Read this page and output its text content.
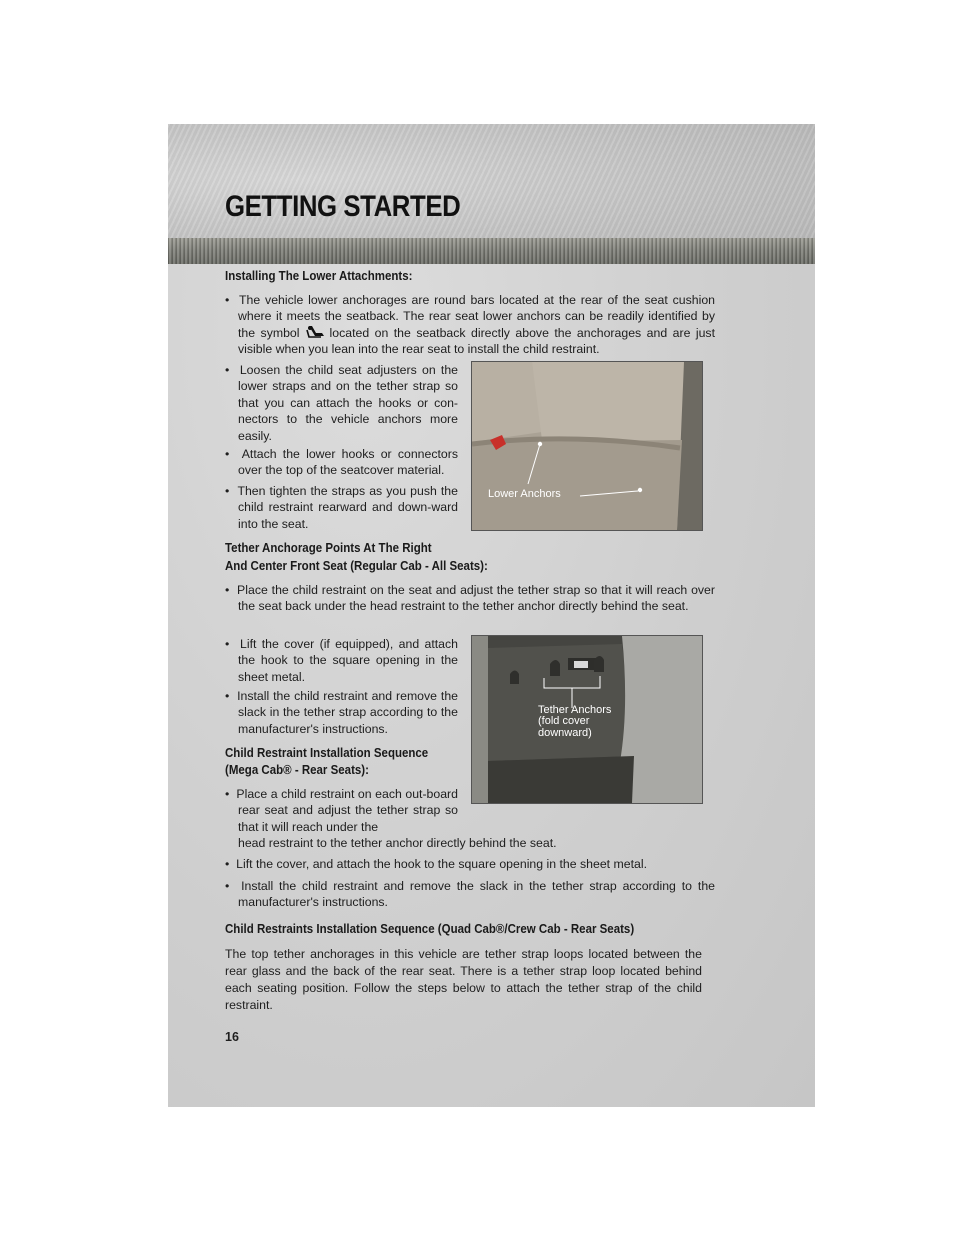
GETTING STARTED
Installing The Lower Attachments:
•  The vehicle lower anchorages are round bars located at the rear of the seat cushion where it meets the seatback. The rear seat lower anchors can be readily identified by the symbol located on the seatback directly above the anchorages and are just visible when you lean into the rear seat to install the child restraint.
•  Loosen the child seat adjusters on the lower straps and on the tether strap so that you can attach the hooks or con-nectors to the vehicle anchors more easily.
•  Attach the lower hooks or connectors over the top of the seatcover material.
•  Then tighten the straps as you push the child restraint rearward and down-ward into the seat.
Tether Anchorage Points At The Right
And Center Front Seat (Regular Cab - All Seats):
•  Place the child restraint on the seat and adjust the tether strap so that it will reach over the seat back under the head restraint to the tether anchor directly behind the seat.
•  Lift the cover (if equipped), and attach the hook to the square opening in the sheet metal.
•  Install the child restraint and remove the slack in the tether strap according to the manufacturer's instructions.
Child Restraint Installation Sequence
(Mega Cab® - Rear Seats):
•  Place a child restraint on each out-board rear seat and adjust the tether strap so that it will reach under the
head restraint to the tether anchor directly behind the seat.
•  Lift the cover, and attach the hook to the square opening in the sheet metal.
•  Install the child restraint and remove the slack in the tether strap according to the manufacturer's instructions.
Child Restraints Installation Sequence (Quad Cab®/Crew Cab - Rear Seats)
The top tether anchorages in this vehicle are tether strap loops located between the rear glass and the back of the rear seat. There is a tether strap loop located behind each seating position. Follow the steps below to attach the tether strap of the child restraint.
Lower Anchors
Tether Anchors
(fold cover
downward)
16
